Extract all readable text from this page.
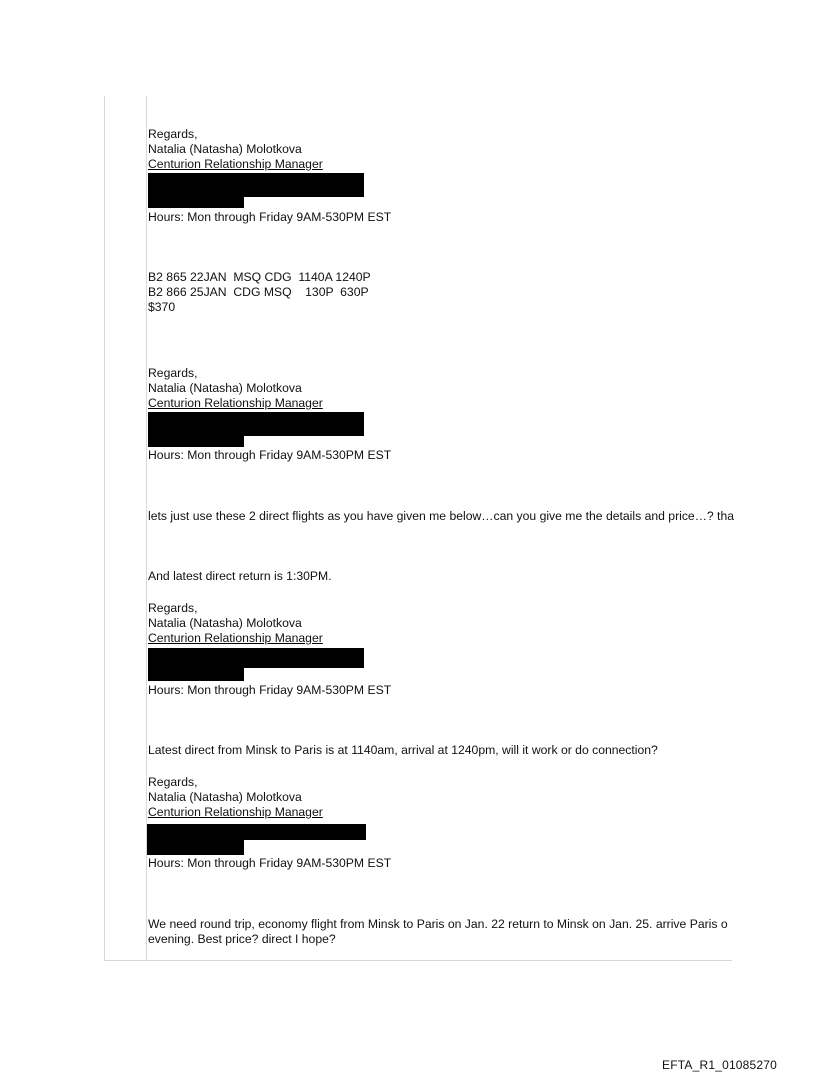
Regards,
Natalia (Natasha) Molotkova
Centurion Relationship Manager
Hours: Mon through Friday 9AM-530PM EST
B2 865 22JAN  MSQ CDG  1140A 1240P
B2 866 25JAN  CDG MSQ    130P  630P
$370
Regards,
Natalia (Natasha) Molotkova
Centurion Relationship Manager
Hours: Mon through Friday 9AM-530PM EST
lets just use these 2 direct flights as you have given me below…can you give me the details and price…? tha
And latest direct return is 1:30PM.
Regards,
Natalia (Natasha) Molotkova
Centurion Relationship Manager
Hours: Mon through Friday 9AM-530PM EST
Latest direct from Minsk to Paris is at 1140am, arrival at 1240pm, will it work or do connection?
Regards,
Natalia (Natasha) Molotkova
Centurion Relationship Manager
Hours: Mon through Friday 9AM-530PM EST
We need round trip, economy flight from Minsk to Paris on Jan. 22 return to Minsk on Jan. 25. arrive Paris o
evening. Best price? direct I hope?
EFTA_R1_01085270
